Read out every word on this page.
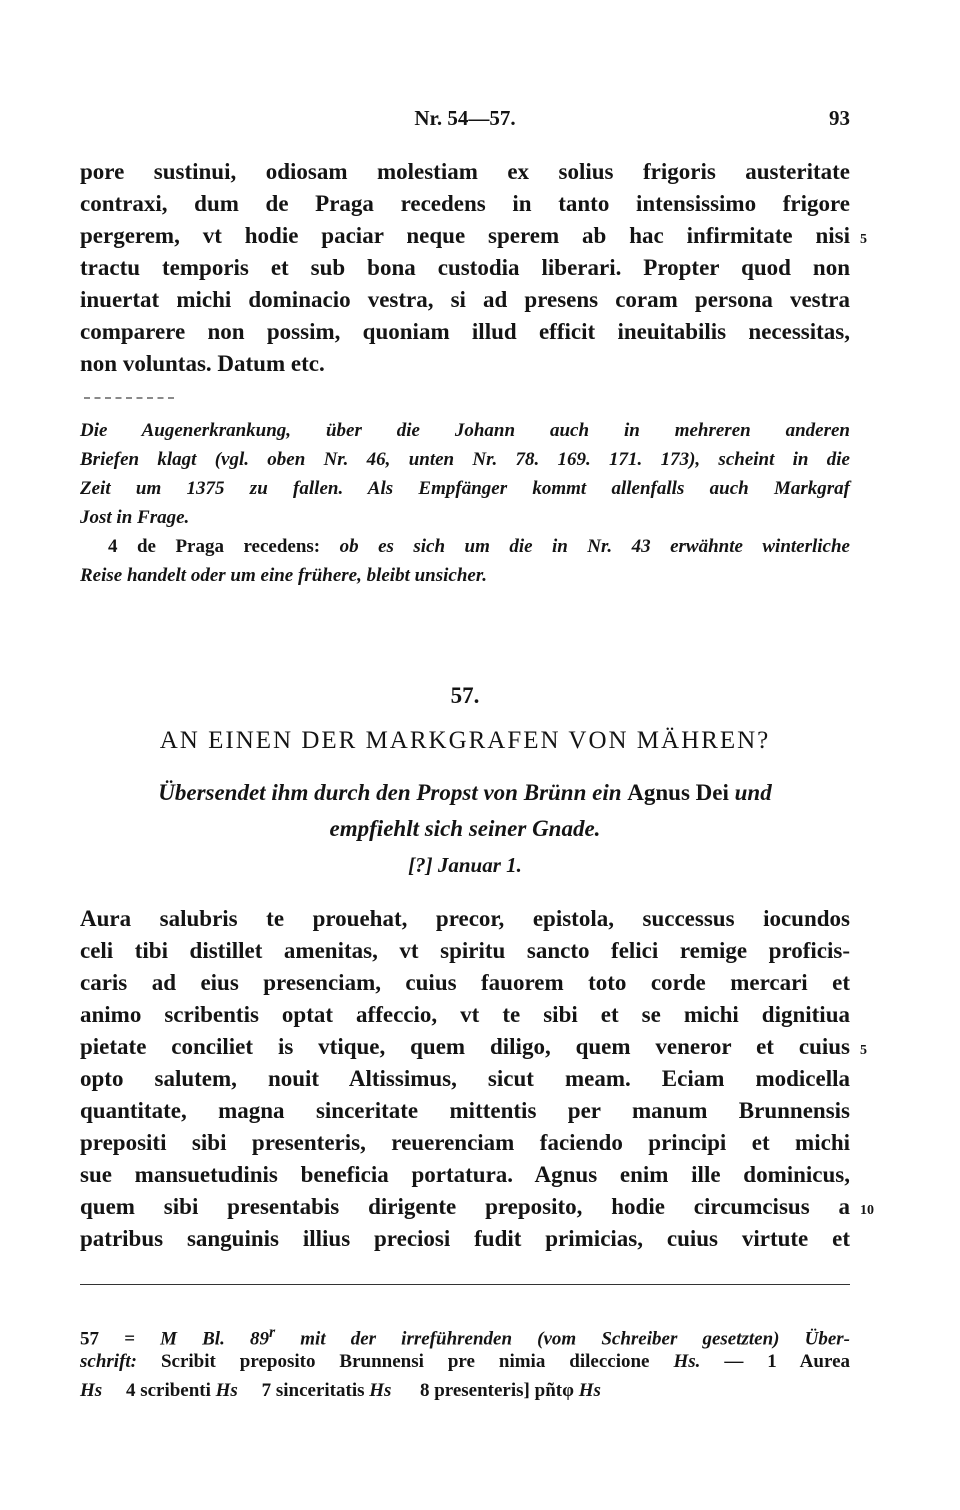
Nr. 54—57.	93
pore sustinui, odiosam molestiam ex solius frigoris austeritate
contraxi, dum de Praga recedens in tanto intensissimo frigore
pergerem, vt hodie paciar neque sperem ab hac infirmitate nisi
tractu temporis et sub bona custodia liberari. Propter quod non
inuertat michi dominacio vestra, si ad presens coram persona vestra
comparere non possim, quoniam illud efficit ineuitabilis necessitas,
non voluntas. Datum etc.
5
Die Augenerkrankung, über die Johann auch in mehreren anderen
Briefen klagt (vgl. oben Nr. 46, unten Nr. 78. 169. 171. 173), scheint in die
Zeit um 1375 zu fallen. Als Empfänger kommt allenfalls auch Markgraf
Jost in Frage.
4 de Praga recedens: ob es sich um die in Nr. 43 erwähnte winterliche
Reise handelt oder um eine frühere, bleibt unsicher.
57.
AN EINEN DER MARKGRAFEN VON MÄHREN?
Übersendet ihm durch den Propst von Brünn ein Agnus Dei und
empfiehlt sich seiner Gnade.
[?] Januar 1.
Aura salubris te prouehat, precor, epistola, successus iocundos
celi tibi distillet amenitas, vt spiritu sancto felici remige proficis-
caris ad eius presenciam, cuius fauorem toto corde mercari et
animo scribentis optat affeccio, vt te sibi et se michi dignitiua
pietate conciliet is vtique, quem diligo, quem veneror et cuius
opto salutem, nouit Altissimus, sicut meam. Eciam modicella
quantitate, magna sinceritate mittentis per manum Brunnensis
prepositi sibi presenteris, reuerenciam faciendo principi et michi
sue mansuetudinis beneficia portatura. Agnus enim ille dominicus,
quem sibi presentabis dirigente preposito, hodie circumcisus a
patribus sanguinis illius preciosi fudit primicias, cuius virtute et
5
10
57 = M Bl. 89$^r$ mit der irreführenden (vom Schreiber gesetzten) Über-
schrift: Scribit preposito Brunnensi pre nimia dileccione Hs. — 1 Aurea
Hs 4 scribenti Hs 7 sinceritatis Hs 8 presenteris] pñtφ Hs
